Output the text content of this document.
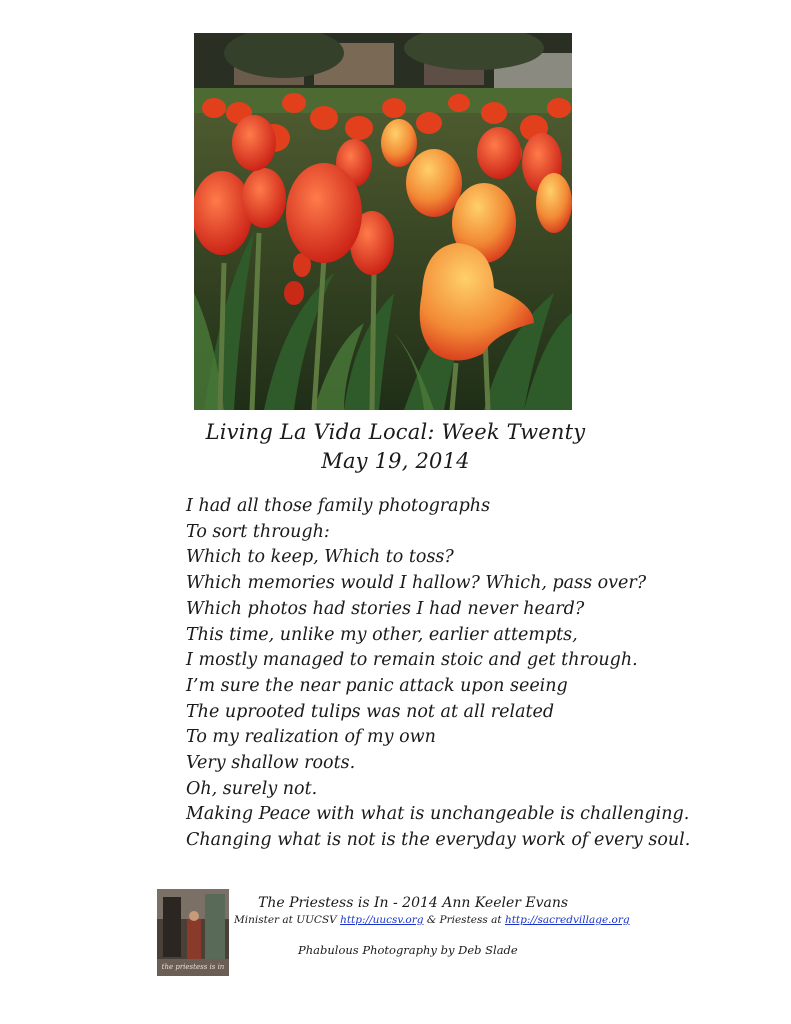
Living La Vida Local: Week Twenty
May 19, 2014
I had all those family photographs
To sort through:
Which to keep, Which to toss?
Which memories would I hallow? Which, pass over?
Which photos had stories I had never heard?
This time, unlike my other, earlier attempts,
I mostly managed to remain stoic and get through.
I’m sure the near panic attack upon seeing
The uprooted tulips was not at all related
To my realization of my own
Very shallow roots.
Oh, surely not.
Making Peace with what is unchangeable is challenging.
Changing what is not is the everyday work of every soul.
the priestess is in
The Priestess is In - 2014 Ann Keeler Evans
Minister at UUCSV http://uucsv.org & Priestess at http://sacredvillage.org
Phabulous Photography by Deb Slade
